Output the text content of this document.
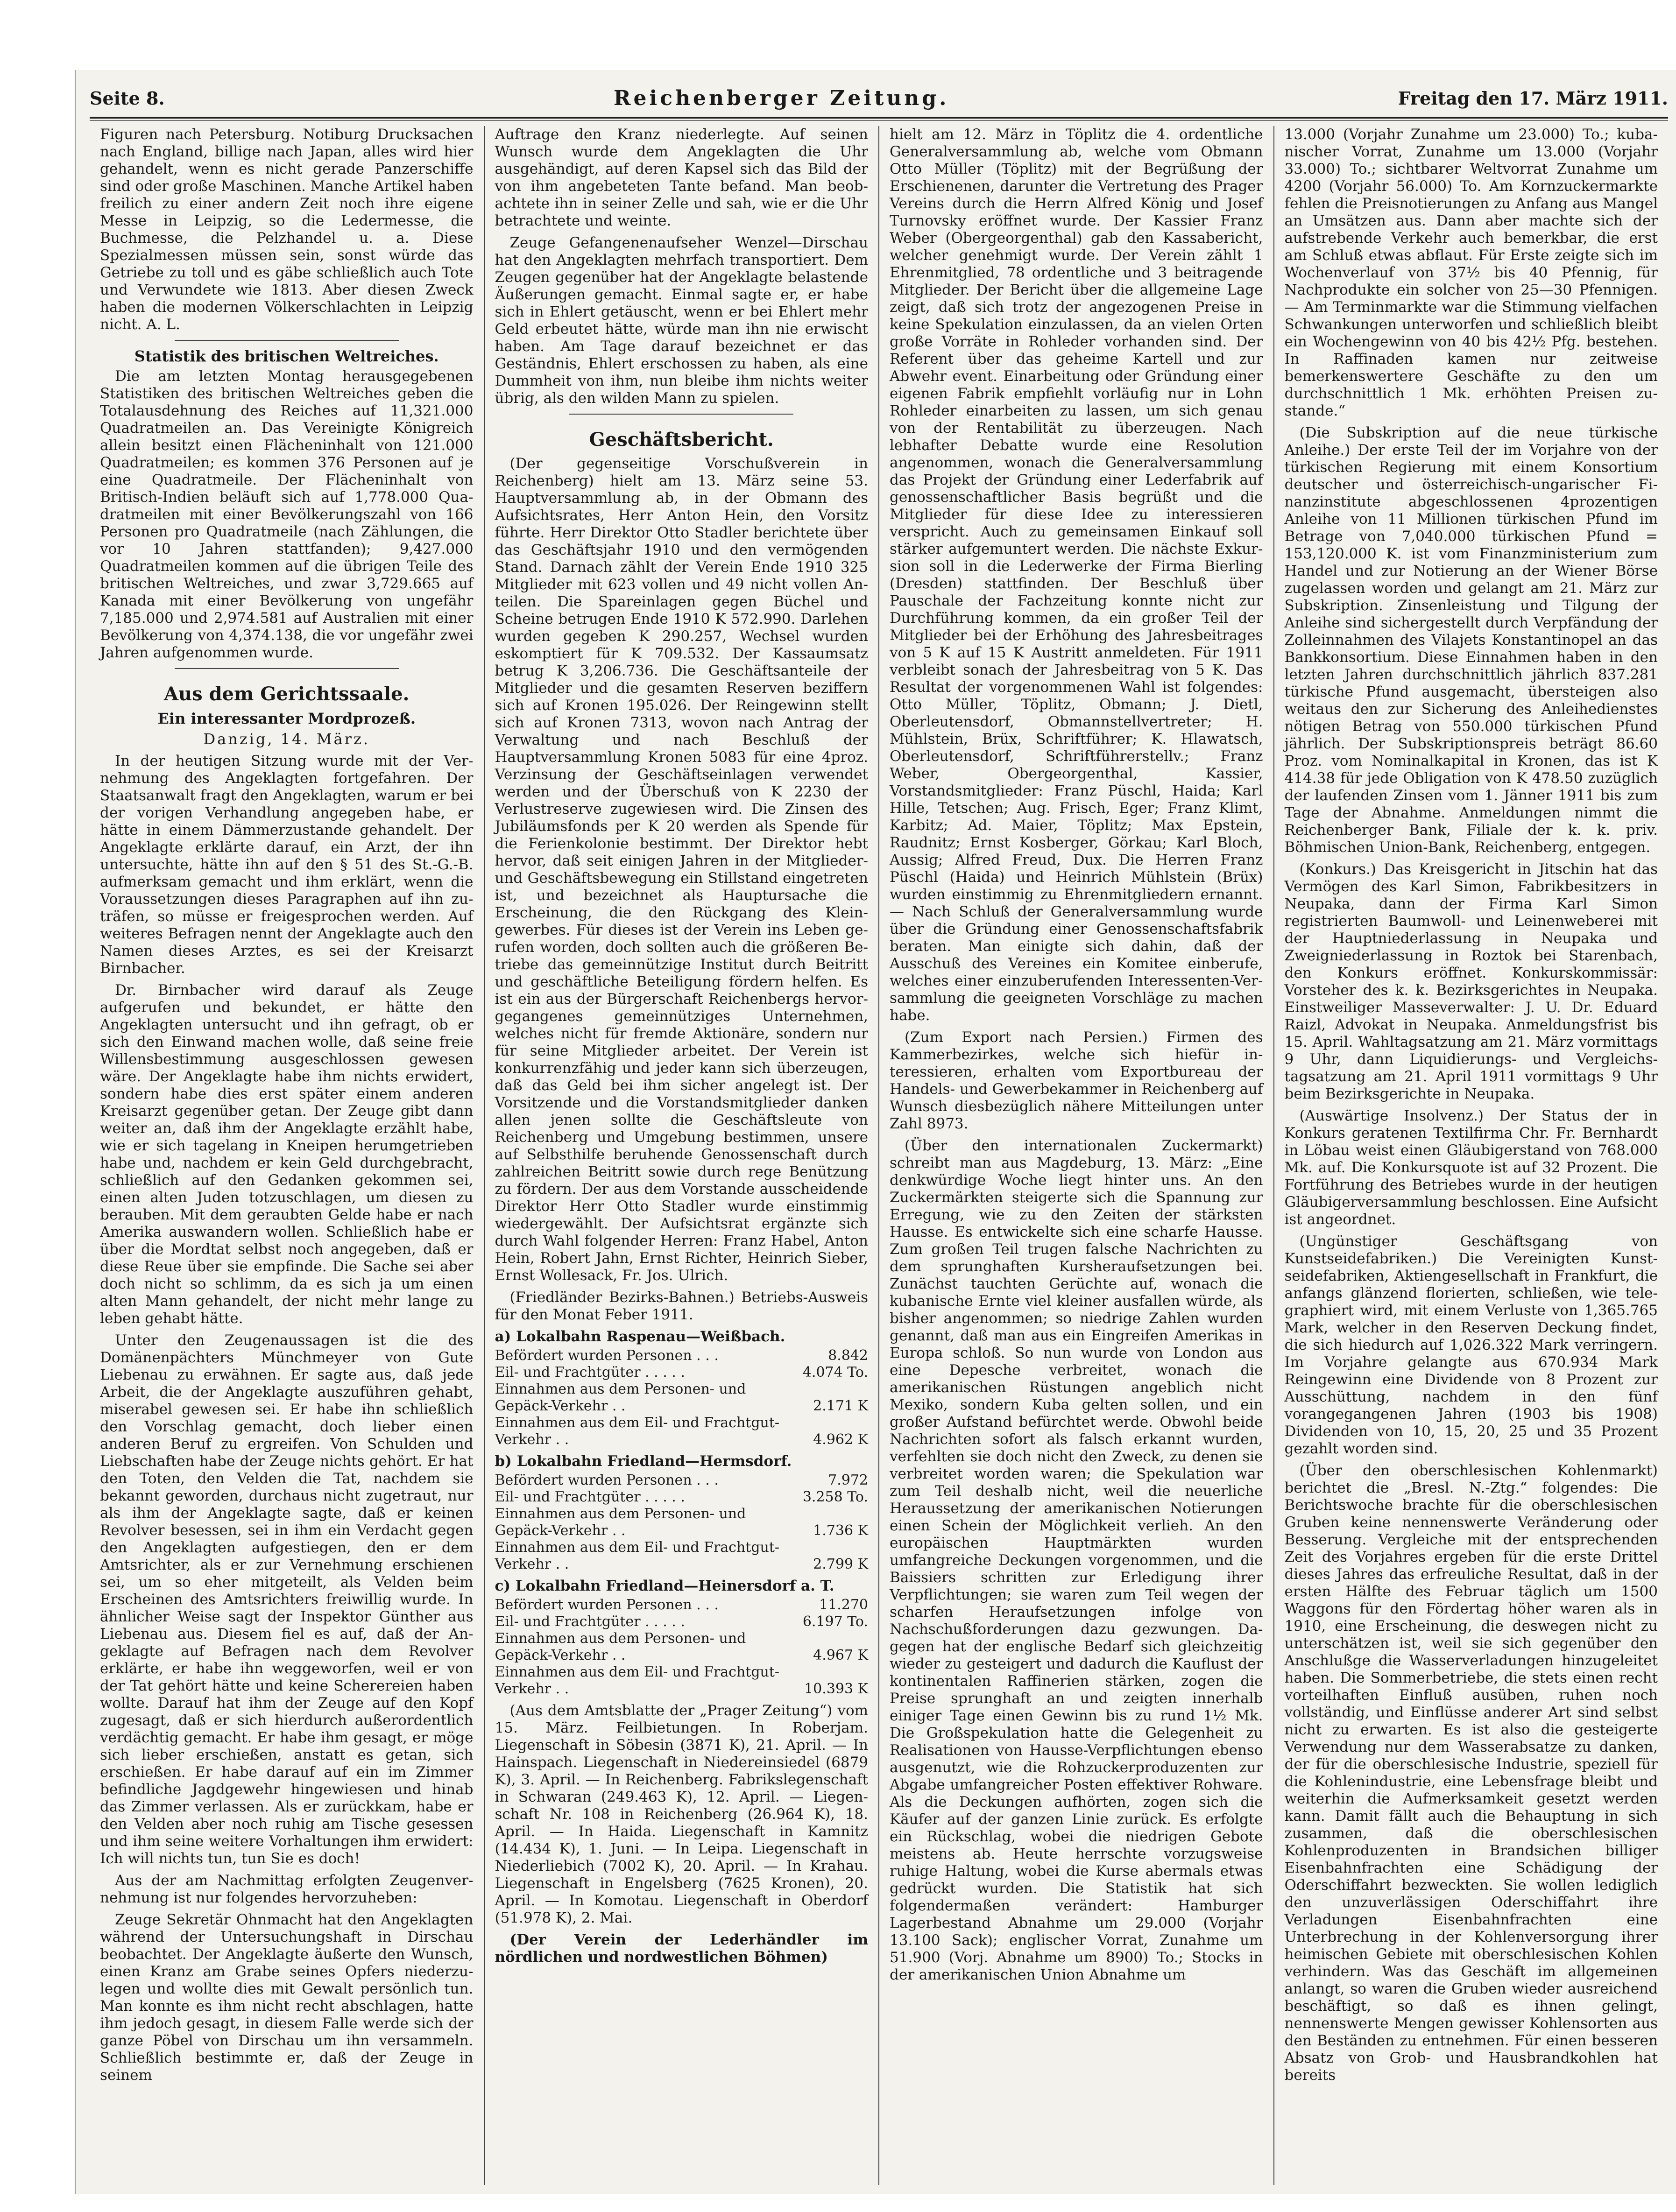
Seite 8.	Reichenberger Zeitung.	Freitag den 17. März 1911.

Figuren nach Petersburg. Notiburg Drucksachen nach England, billige nach Japan, alles wird hier gehandelt, wenn es nicht gerade Panzerschiffe sind oder große Maschinen. Manche Artikel haben freilich zu einer andern Zeit noch ihre eigene Messe in Leipzig, so die Ledermesse, die Buchmesse, die Pelzhandel u. a. Diese Spezialmessen müssen sein, sonst würde das Getriebe zu toll und es gäbe schließlich auch Tote und Verwundete wie 1813. Aber diesen Zweck haben die modernen Völkerschlachten in Leipzig nicht. A. L.

Statistik des britischen Weltreiches.

Die am letzten Montag herausgegebenen Statistiken des britischen Weltreiches geben die Totalausdehnung des Reiches auf 11,321.000 Quadratmeilen an. Das Vereinigte Königreich allein besitzt einen Flächeninhalt von 121.000 Quadratmeilen; es kommen 376 Personen auf je eine Quadratmeile. Der Flächeninhalt von Britisch-Indien beläuft sich auf 1,778.000 Quadratmeilen mit einer Bevölkerungszahl von 166 Personen pro Quadratmeile (nach Zählungen, die vor 10 Jahren stattfanden); 9,427.000 Quadratmeilen kommen auf die übrigen Teile des britischen Weltreiches, und zwar 3,729.665 auf Kanada mit einer Bevölkerung von ungefähr 7,185.000 und 2,974.581 auf Australien mit einer Bevölkerung von 4,374.138, die vor ungefähr zwei Jahren aufgenommen wurde.

Aus dem Gerichtssaale.
Ein interessanter Mordprozeß.
Danzig, 14. März.

In der heutigen Sitzung wurde mit der Vernehmung des Angeklagten fortgefahren. Der Staatsanwalt fragt den Angeklagten, warum er bei der vorigen Verhandlung angegeben habe, er hätte in einem Dämmerzustande gehandelt. Der Angeklagte erklärte darauf, ein Arzt, der ihn untersuchte, hätte ihn auf den § 51 des St.-G.-B. aufmerksam gemacht und ihm erklärt, wenn die Voraussetzungen dieses Paragraphen auf ihn zuträfen, so müsse er freigesprochen werden. Auf weiteres Befragen nennt der Angeklagte auch den Namen dieses Arztes, es sei der Kreisarzt Birnbacher.

Dr. Birnbacher wird darauf als Zeuge aufgerufen und bekundet, er hätte den Angeklagten untersucht und ihn gefragt, ob er sich den Einwand machen wolle, daß seine freie Willensbestimmung ausgeschlossen gewesen wäre. Der Angeklagte habe ihm nichts erwidert, sondern habe dies erst später einem anderen Kreisarzt gegenüber getan. Der Zeuge gibt dann weiter an, daß ihm der Angeklagte erzählt habe, wie er sich tagelang in Kneipen herumgetrieben habe und, nachdem er kein Geld durchgebracht, schließlich auf den Gedanken gekommen sei, einen alten Juden totzuschlagen, um diesen zu berauben. Mit dem geraubten Gelde habe er nach Amerika auswandern wollen. Schließlich habe er über die Mordtat selbst noch angegeben, daß er diese Reue über sie empfinde. Die Sache sei aber doch nicht so schlimm, da es sich ja um einen alten Mann gehandelt, der nicht mehr lange zu leben gehabt hätte.

Unter den Zeugenaussagen ist die des Domänenpächters Münchmeyer von Gute Liebenau zu erwähnen. Er sagte aus, daß jede Arbeit, die der Angeklagte auszuführen gehabt, miserabel gewesen sei. Er habe ihn schließlich den Vorschlag gemacht, doch lieber einen anderen Beruf zu ergreifen. Von Schulden und Liebschaften habe der Zeuge nichts gehört. Er hat den Toten, den Velden die Tat, nachdem sie bekannt geworden, durchaus nicht zugetraut, nur als ihm der Angeklagte sagte, daß er keinen Revolver besessen, sei in ihm ein Verdacht gegen den Angeklagten aufgestiegen, den er dem Amtsrichter, als er zur Vernehmung erschienen sei, um so eher mitgeteilt, als Velden beim Erscheinen des Amtsrichters freiwillig wurde. In ähnlicher Weise sagt der Inspektor Günther aus Liebenau aus. Diesem fiel es auf, daß der Angeklagte auf Befragen nach dem Revolver erklärte, er habe ihn weggeworfen, weil er von der Tat gehört hätte und keine Scherereien haben wollte. Darauf hat ihm der Zeuge auf den Kopf zugesagt, daß er sich hierdurch außerordentlich verdächtig gemacht. Er habe ihm gesagt, er möge sich lieber erschießen, anstatt es getan, sich erschießen. Er habe darauf auf ein im Zimmer befindliche Jagdgewehr hingewiesen und hinab das Zimmer verlassen. Als er zurückkam, habe er den Velden aber noch ruhig am Tische gesessen und ihm seine weitere Vorhaltungen ihm erwidert: Ich will nichts tun, tun Sie es doch!

Aus der am Nachmittag erfolgten Zeugenvernehmung ist nur folgendes hervorzuheben:

Zeuge Sekretär Ohnmacht hat den Angeklagten während der Untersuchungshaft in Dirschau beobachtet. Der Angeklagte äußerte den Wunsch, einen Kranz am Grabe seines Opfers niederzulegen und wollte dies mit Gewalt persönlich tun. Man konnte es ihm nicht recht abschlagen, hatte ihm jedoch gesagt, in diesem Falle werde sich der ganze Pöbel von Dirschau um ihn versammeln. Schließlich bestimmte er, daß der Zeuge in seinem

Auftrage den Kranz niederlegte. Auf seinen Wunsch wurde dem Angeklagten die Uhr ausgehändigt, auf deren Kapsel sich das Bild der von ihm angebeteten Tante befand. Man beobachtete ihn in seiner Zelle und sah, wie er die Uhr betrachtete und weinte.

Zeuge Gefangenenaufseher Wenzel—Dirschau hat den Angeklagten mehrfach transportiert. Dem Zeugen gegenüber hat der Angeklagte belastende Äußerungen gemacht. Einmal sagte er, er habe sich in Ehlert getäuscht, wenn er bei Ehlert mehr Geld erbeutet hätte, würde man ihn nie erwischt haben. Am Tage darauf bezeichnet er das Geständnis, Ehlert erschossen zu haben, als eine Dummheit von ihm, nun bleibe ihm nichts weiter übrig, als den wilden Mann zu spielen.

Geschäftsbericht.

(Der gegenseitige Vorschußverein in Reichenberg) hielt am 13. März seine 53. Hauptversammlung ab, in der Obmann des Aufsichtsrates, Herr Anton Hein, den Vorsitz führte. Herr Direktor Otto Stadler berichtete über das Geschäftsjahr 1910 und den vermögenden Stand. Darnach zählt der Verein Ende 1910 325 Mitglieder mit 623 vollen und 49 nicht vollen Anteilen. Die Spareinlagen gegen Büchel und Scheine betrugen Ende 1910 K 572.990. Darlehen wurden gegeben K 290.257, Wechsel wurden eskomptiert für K 709.532. Der Kassaumsatz betrug K 3,206.736. Die Geschäftsanteile der Mitglieder und die gesamten Reserven beziffern sich auf Kronen 195.026. Der Reingewinn stellt sich auf Kronen 7313, wovon nach Antrag der Verwaltung und nach Beschluß der Hauptversammlung Kronen 5083 für eine 4proz. Verzinsung der Geschäftseinlagen verwendet werden und der Überschuß von K 2230 der Verlustreserve zugewiesen wird. Die Zinsen des Jubiläumsfonds per K 20 werden als Spende für die Ferienkolonie bestimmt. Der Direktor hebt hervor, daß seit einigen Jahren in der Mitglieder- und Geschäftsbewegung ein Stillstand eingetreten ist, und bezeichnet als Hauptursache die Erscheinung, die den Rückgang des Kleingewerbes. Für dieses ist der Verein ins Leben gerufen worden, doch sollten auch die größeren Betriebe das gemeinnützige Institut durch Beitritt und geschäftliche Beteiligung fördern helfen. Es ist ein aus der Bürgerschaft Reichenbergs hervorgegangenes gemeinnütziges Unternehmen, welches nicht für fremde Aktionäre, sondern nur für seine Mitglieder arbeitet. Der Verein ist konkurrenzfähig und jeder kann sich überzeugen, daß das Geld bei ihm sicher angelegt ist. Der Vorsitzende und die Vorstandsmitglieder danken allen jenen sollte die Geschäftsleute von Reichenberg und Umgebung bestimmen, unsere auf Selbsthilfe beruhende Genossenschaft durch zahlreichen Beitritt sowie durch rege Benützung zu fördern. Der aus dem Vorstande ausscheidende Direktor Herr Otto Stadler wurde einstimmig wiedergewählt. Der Aufsichtsrat ergänzte sich durch Wahl folgender Herren: Franz Habel, Anton Hein, Robert Jahn, Ernst Richter, Heinrich Sieber, Ernst Wollesack, Fr. Jos. Ulrich.

(Friedländer Bezirks-Bahnen.) Betriebs-Ausweis für den Monat Feber 1911.

a) Lokalbahn Raspenau—Weißbach.
Befördert wurden Personen . . .	8.842
Eil- und Frachtgüter . . . . .	4.074 To.
Einnahmen aus dem Personen- und Gepäck-Verkehr . .	2.171 K
Einnahmen aus dem Eil- und Frachtgut-Verkehr . .	4.962 K
b) Lokalbahn Friedland—Hermsdorf.
Befördert wurden Personen . . .	7.972
Eil- und Frachtgüter . . . . .	3.258 To.
Einnahmen aus dem Personen- und Gepäck-Verkehr . .	1.736 K
Einnahmen aus dem Eil- und Frachtgut-Verkehr . .	2.799 K
c) Lokalbahn Friedland—Heinersdorf a. T.
Befördert wurden Personen . . .	11.270
Eil- und Frachtgüter . . . . .	6.197 To.
Einnahmen aus dem Personen- und Gepäck-Verkehr . .	4.967 K
Einnahmen aus dem Eil- und Frachtgut-Verkehr . .	10.393 K

(Aus dem Amtsblatte der „Prager Zeitung“) vom 15. März. Feilbietungen. In Roberjam. Liegenschaft in Söbesin (3871 K), 21. April. — In Hainspach. Liegenschaft in Niedereinsiedel (6879 K), 3. April. — In Reichenberg. Fabrikslegenschaft in Schwaran (249.463 K), 12. April. — Liegenschaft Nr. 108 in Reichenberg (26.964 K), 18. April. — In Haida. Liegenschaft in Kamnitz (14.434 K), 1. Juni. — In Leipa. Liegenschaft in Niederliebich (7002 K), 20. April. — In Krahau. Liegenschaft in Engelsberg (7625 Kronen), 20. April. — In Komotau. Liegenschaft in Oberdorf (51.978 K), 2. Mai.

(Der Verein der Lederhändler im nördlichen und nordwestlichen Böhmen)

hielt am 12. März in Töplitz die 4. ordentliche Generalversammlung ab, welche vom Obmann Otto Müller (Töplitz) mit der Begrüßung der Erschienenen, darunter die Vertretung des Prager Vereins durch die Herrn Alfred König und Josef Turnovsky eröffnet wurde. Der Kassier Franz Weber (Obergeorgenthal) gab den Kassabericht, welcher genehmigt wurde. Der Verein zählt 1 Ehrenmitglied, 78 ordentliche und 3 beitragende Mitglieder. Der Bericht über die allgemeine Lage zeigt, daß sich trotz der angezogenen Preise in keine Spekulation einzulassen, da an vielen Orten große Vorräte in Rohleder vorhanden sind. Der Referent über das geheime Kartell und zur Abwehr event. Einarbeitung oder Gründung einer eigenen Fabrik empfiehlt vorläufig nur in Lohn Rohleder einarbeiten zu lassen, um sich genau von der Rentabilität zu überzeugen. Nach lebhafter Debatte wurde eine Resolution angenommen, wonach die Generalversammlung das Projekt der Gründung einer Lederfabrik auf genossenschaftlicher Basis begrüßt und die Mitglieder für diese Idee zu interessieren verspricht. Auch zu gemeinsamen Einkauf soll stärker aufgemuntert werden. Die nächste Exkursion soll in die Lederwerke der Firma Bierling (Dresden) stattfinden. Der Beschluß über Pauschale der Fachzeitung konnte nicht zur Durchführung kommen, da ein großer Teil der Mitglieder bei der Erhöhung des Jahresbeitrages von 5 K auf 15 K Austritt anmeldeten. Für 1911 verbleibt sonach der Jahresbeitrag von 5 K. Das Resultat der vorgenommenen Wahl ist folgendes: Otto Müller, Töplitz, Obmann; J. Dietl, Oberleutensdorf, Obmannstellvertreter; H. Mühlstein, Brüx, Schriftführer; K. Hlawatsch, Oberleutensdorf, Schriftführerstellv.; Franz Weber, Obergeorgenthal, Kassier, Vorstandsmitglieder: Franz Püschl, Haida; Karl Hille, Tetschen; Aug. Frisch, Eger; Franz Klimt, Karbitz; Ad. Maier, Töplitz; Max Epstein, Raudnitz; Ernst Kosberger, Görkau; Karl Bloch, Aussig; Alfred Freud, Dux. Die Herren Franz Püschl (Haida) und Heinrich Mühlstein (Brüx) wurden einstimmig zu Ehrenmitgliedern ernannt. — Nach Schluß der Generalversammlung wurde über die Gründung einer Genossenschaftsfabrik beraten. Man einigte sich dahin, daß der Ausschuß des Vereines ein Komitee einberufe, welches einer einzuberufenden Interessenten-Versammlung die geeigneten Vorschläge zu machen habe.

(Zum Export nach Persien.) Firmen des Kammerbezirkes, welche sich hiefür interessieren, erhalten vom Exportbureau der Handels- und Gewerbekammer in Reichenberg auf Wunsch diesbezüglich nähere Mitteilungen unter Zahl 8973.

(Über den internationalen Zuckermarkt) schreibt man aus Magdeburg, 13. März: „Eine denkwürdige Woche liegt hinter uns. An den Zuckermärkten steigerte sich die Spannung zur Erregung, wie zu den Zeiten der stärksten Hausse. Es entwickelte sich eine scharfe Hausse. Zum großen Teil trugen falsche Nachrichten zu dem sprunghaften Kursheraufsetzungen bei. Zunächst tauchten Gerüchte auf, wonach die kubanische Ernte viel kleiner ausfallen würde, als bisher angenommen; so niedrige Zahlen wurden genannt, daß man aus ein Eingreifen Amerikas in Europa schloß. So nun wurde von London aus eine Depesche verbreitet, wonach die amerikanischen Rüstungen angeblich nicht Mexiko, sondern Kuba gelten sollen, und ein großer Aufstand befürchtet werde. Obwohl beide Nachrichten sofort als falsch erkannt wurden, verfehlten sie doch nicht den Zweck, zu denen sie verbreitet worden waren; die Spekulation war zum Teil deshalb nicht, weil die neuerliche Heraussetzung der amerikanischen Notierungen einen Schein der Möglichkeit verlieh. An den europäischen Hauptmärkten wurden umfangreiche Deckungen vorgenommen, und die Baissiers schritten zur Erledigung ihrer Verpflichtungen; sie waren zum Teil wegen der scharfen Heraufsetzungen infolge von Nachschußforderungen dazu gezwungen. Dagegen hat der englische Bedarf sich gleichzeitig wieder zu gesteigert und dadurch die Kauflust der kontinentalen Raffinerien stärken, zogen die Preise sprunghaft an und zeigten innerhalb einiger Tage einen Gewinn bis zu rund 1½ Mk. Die Großspekulation hatte die Gelegenheit zu Realisationen von Hausse-Verpflichtungen ebenso ausgenutzt, wie die Rohzuckerproduzenten zur Abgabe umfangreicher Posten effektiver Rohware. Als die Deckungen aufhörten, zogen sich die Käufer auf der ganzen Linie zurück. Es erfolgte ein Rückschlag, wobei die niedrigen Gebote meistens ab. Heute herrschte vorzugsweise ruhige Haltung, wobei die Kurse abermals etwas gedrückt wurden. Die Statistik hat sich folgendermaßen verändert: Hamburger Lagerbestand Abnahme um 29.000 (Vorjahr 13.100 Sack); englischer Vorrat, Zunahme um 51.900 (Vorj. Abnahme um 8900) To.; Stocks in der amerikanischen Union Abnahme um

13.000 (Vorjahr Zunahme um 23.000) To.; kubanischer Vorrat, Zunahme um 13.000 (Vorjahr 33.000) To.; sichtbarer Weltvorrat Zunahme um 4200 (Vorjahr 56.000) To. Am Kornzuckermarkte fehlen die Preisnotierungen zu Anfang aus Mangel an Umsätzen aus. Dann aber machte sich der aufstrebende Verkehr auch bemerkbar, die erst am Schluß etwas abflaut. Für Erste zeigte sich im Wochenverlauf von 37½ bis 40 Pfennig, für Nachprodukte ein solcher von 25—30 Pfennigen. — Am Terminmarkte war die Stimmung vielfachen Schwankungen unterworfen und schließlich bleibt ein Wochengewinn von 40 bis 42½ Pfg. bestehen. In Raffinaden kamen nur zeitweise bemerkenswertere Geschäfte zu den um durchschnittlich 1 Mk. erhöhten Preisen zustande.“

(Die Subskription auf die neue türkische Anleihe.) Der erste Teil der im Vorjahre von der türkischen Regierung mit einem Konsortium deutscher und österreichisch-ungarischer Finanzinstitute abgeschlossenen 4prozentigen Anleihe von 11 Millionen türkischen Pfund im Betrage von 7,040.000 türkischen Pfund = 153,120.000 K. ist vom Finanzministerium zum Handel und zur Notierung an der Wiener Börse zugelassen worden und gelangt am 21. März zur Subskription. Zinsenleistung und Tilgung der Anleihe sind sichergestellt durch Verpfändung der Zolleinnahmen des Vilajets Konstantinopel an das Bankkonsortium. Diese Einnahmen haben in den letzten Jahren durchschnittlich jährlich 837.281 türkische Pfund ausgemacht, übersteigen also weitaus den zur Sicherung des Anleihedienstes nötigen Betrag von 550.000 türkischen Pfund jährlich. Der Subskriptionspreis beträgt 86.60 Proz. vom Nominalkapital in Kronen, das ist K 414.38 für jede Obligation von K 478.50 zuzüglich der laufenden Zinsen vom 1. Jänner 1911 bis zum Tage der Abnahme. Anmeldungen nimmt die Reichenberger Bank, Filiale der k. k. priv. Böhmischen Union-Bank, Reichenberg, entgegen.

(Konkurs.) Das Kreisgericht in Jitschin hat das Vermögen des Karl Simon, Fabrikbesitzers in Neupaka, dann der Firma Karl Simon registrierten Baumwoll- und Leinenweberei mit der Hauptniederlassung in Neupaka und Zweigniederlassung in Roztok bei Starenbach, den Konkurs eröffnet. Konkurskommissär: Vorsteher des k. k. Bezirksgerichtes in Neupaka. Einstweiliger Masseverwalter: J. U. Dr. Eduard Raizl, Advokat in Neupaka. Anmeldungsfrist bis 15. April. Wahltagsatzung am 21. März vormittags 9 Uhr, dann Liquidierungs- und Vergleichstagsatzung am 21. April 1911 vormittags 9 Uhr beim Bezirksgerichte in Neupaka.

(Auswärtige Insolvenz.) Der Status der in Konkurs geratenen Textilfirma Chr. Fr. Bernhardt in Löbau weist einen Gläubigerstand von 768.000 Mk. auf. Die Konkursquote ist auf 32 Prozent. Die Fortführung des Betriebes wurde in der heutigen Gläubigerversammlung beschlossen. Eine Aufsicht ist angeordnet.

(Ungünstiger Geschäftsgang von Kunstseidefabriken.) Die Vereinigten Kunstseidefabriken, Aktiengesellschaft in Frankfurt, die anfangs glänzend florierten, schließen, wie telegraphiert wird, mit einem Verluste von 1,365.765 Mark, welcher in den Reserven Deckung findet, die sich hiedurch auf 1,026.322 Mark verringern. Im Vorjahre gelangte aus 670.934 Mark Reingewinn eine Dividende von 8 Prozent zur Ausschüttung, nachdem in den fünf vorangegangenen Jahren (1903 bis 1908) Dividenden von 10, 15, 20, 25 und 35 Prozent gezahlt worden sind.

(Über den oberschlesischen Kohlenmarkt) berichtet die „Bresl. N.-Ztg.“ folgendes: Die Berichtswoche brachte für die oberschlesischen Gruben keine nennenswerte Veränderung oder Besserung. Vergleiche mit der entsprechenden Zeit des Vorjahres ergeben für die erste Drittel dieses Jahres das erfreuliche Resultat, daß in der ersten Hälfte des Februar täglich um 1500 Waggons für den Fördertag höher waren als in 1910, eine Erscheinung, die deswegen nicht zu unterschätzen ist, weil sie sich gegenüber den Anschlußge die Wasserverladungen hinzugeleitet haben. Die Sommerbetriebe, die stets einen recht vorteilhaften Einfluß ausüben, ruhen noch vollständig, und Einflüsse anderer Art sind selbst nicht zu erwarten. Es ist also die gesteigerte Verwendung nur dem Wasserabsatze zu danken, der für die oberschlesische Industrie, speziell für die Kohlenindustrie, eine Lebensfrage bleibt und weiterhin die Aufmerksamkeit gesetzt werden kann. Damit fällt auch die Behauptung in sich zusammen, daß die oberschlesischen Kohlenproduzenten in Brandsichen billiger Eisenbahnfrachten eine Schädigung der Oderschiffahrt bezweckten. Sie wollen lediglich den unzuverlässigen Oderschiffahrt ihre Verladungen Eisenbahnfrachten eine Unterbrechung in der Kohlenversorgung ihrer heimischen Gebiete mit oberschlesischen Kohlen verhindern. Was das Geschäft im allgemeinen anlangt, so waren die Gruben wieder ausreichend beschäftigt, so daß es ihnen gelingt, nennenswerte Mengen gewisser Kohlensorten aus den Beständen zu entnehmen. Für einen besseren Absatz von Grob- und Hausbrandkohlen hat bereits
